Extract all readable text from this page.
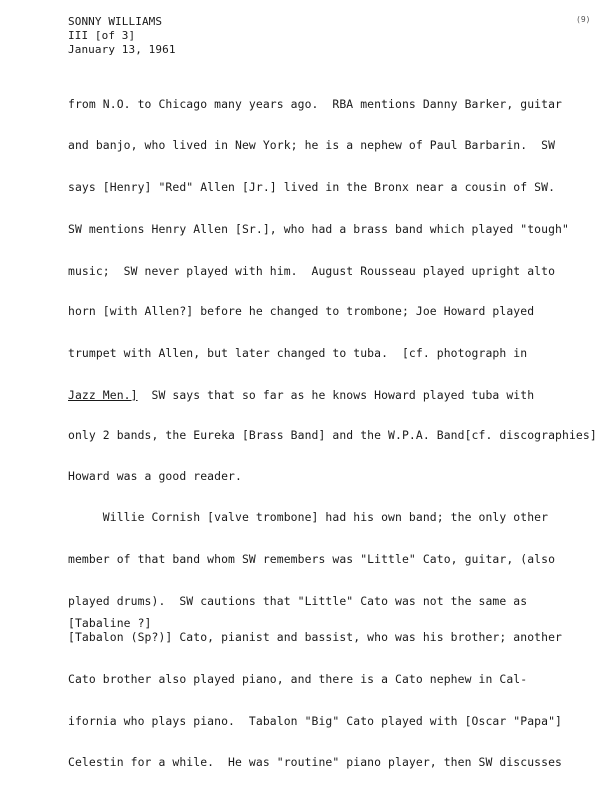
(9)
SONNY WILLIAMS
III [of 3]
January 13, 1961
from N.O. to Chicago many years ago.  RBA mentions Danny Barker, guitar
and banjo, who lived in New York; he is a nephew of Paul Barbarin.  SW
says [Henry] "Red" Allen [Jr.] lived in the Bronx near a cousin of SW.
SW mentions Henry Allen [Sr.], who had a brass band which played "tough"
music;  SW never played with him.  August Rousseau played upright alto
horn [with Allen?] before he changed to trombone; Joe Howard played
trumpet with Allen, but later changed to tuba.  [cf. photograph in
Jazz Men.]  SW says that so far as he knows Howard played tuba with
only 2 bands, the Eureka [Brass Band] and the W.P.A. Band[cf. discographies]
Howard was a good reader.
Willie Cornish [valve trombone] had his own band; the only other
member of that band whom SW remembers was "Little" Cato, guitar, (also
played drums).  SW cautions that "Little" Cato was not the same as
[Tabaline ?]
[Tabalon (Sp?)] Cato, pianist and bassist, who was his brother; another
Cato brother also played piano, and there is a Cato nephew in Cal-
ifornia who plays piano.  Tabalon "Big" Cato played with [Oscar "Papa"]
Celestin for a while.  He was "routine" piano player, then SW discusses
